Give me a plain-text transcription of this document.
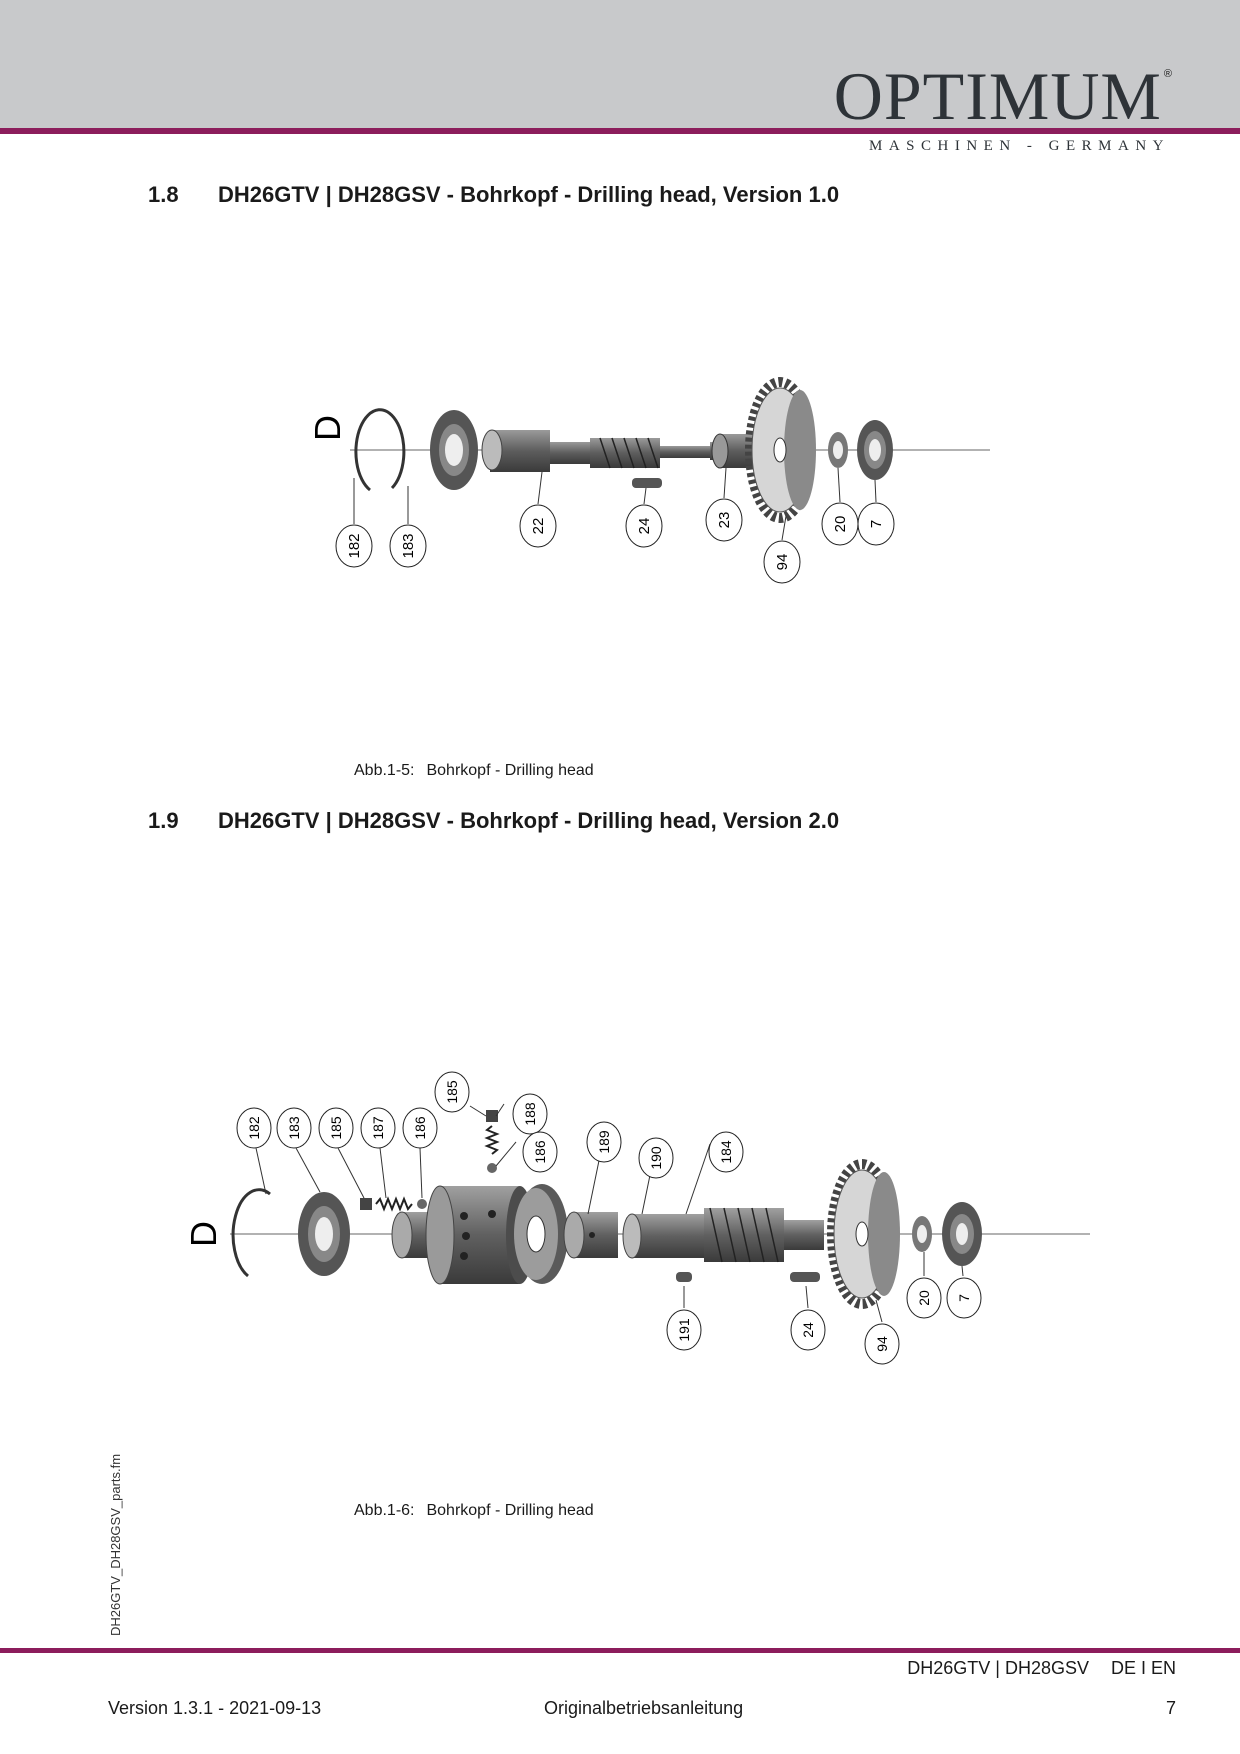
OPTIMUM ®
MASCHINEN - GERMANY
1.8 DH26GTV | DH28GSV - Bohrkopf - Drilling head, Version 1.0
D
182 183
22	24	23
94
20 7
Abb.1-5: Bohrkopf - Drilling head
1.9 DH26GTV | DH28GSV - Bohrkopf - Drilling head, Version 2.0
D
182 183 185 187 186
185
188
186	189
190	184
191	24
94
20 7
Abb.1-6: Bohrkopf - Drilling head
DH26GTV_DH28GSV_parts.fm
DH26GTV | DH28GSV DE I EN
Version 1.3.1 - 2021-09-13	Originalbetriebsanleitung	7
